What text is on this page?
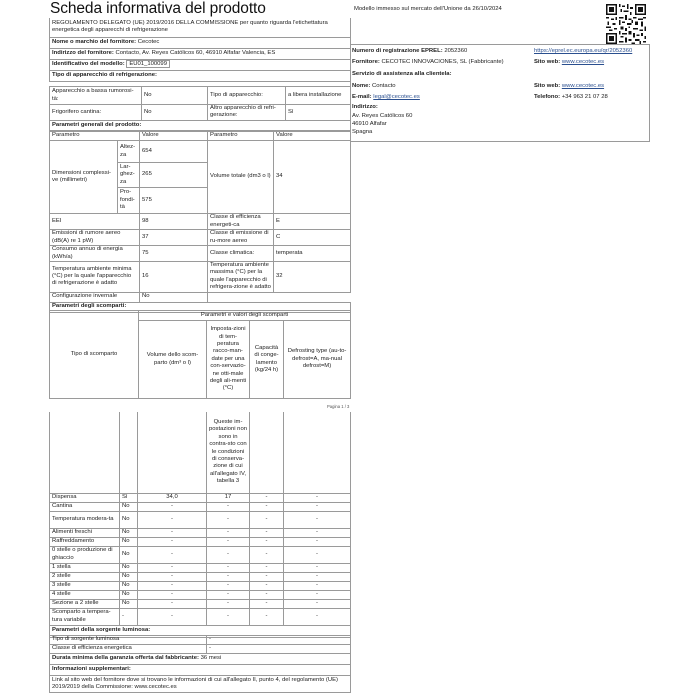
Scheda informativa del prodotto
REGOLAMENTO DELEGATO (UE) 2019/2016 DELLA COMMISSIONE per quanto riguarda l'etichettatura energetica degli apparecchi di refrigerazione
Nome o marchio del fornitore: Cecotec
Indirizzo del fornitore: Contacto, Av. Reyes Católicos 60, 46910 Alfafar Valencia, ES
Identificativo del modello: EU01_100099
Tipo di apparecchio di refrigerazione:
Apparecchio a bassa rumorosi-tà:	No	Tipo di apparecchio:	a libera installazione
Frigorifero cantina:	No	Altro apparecchio di refri-gerazione:	Sì
Parametri generali del prodotto:			
Parametro		Valore	Parametro	Valore
Dimensioni complessi-ve (millimetri)	Altez-za	654	Volume totale (dm3 o l)	34
	Lar-ghez-za	265		
	Pro-fondi-tà	575		
EEI		98	Classe di efficienza energeti-ca	E
Emissioni di rumore aereo (dB(A) re 1 pW)		37	Classe di emissione di ru-more aereo	C
Consumo annuo di energia (kWh/a)		75	Classe climatica:	temperata
Temperatura ambiente minima (°C) per la quale l'apparecchio di refrigerazione è adatto		16	Temperatura ambiente massima (°C) per la quale l'apparecchio di refrigera-zione è adatto	32
Configurazione invernale		No		
Parametri degli scomparti:				
Tipo di scomparto	Parametri e valori degli scomparti			
	Volume dello scom-parto (dm³ o l)	Imposta-zioni di tem-peratura racco-man-date per una con-servazio-ne otti-male degli ali-menti (°C)	Capacità di conge-lamento (kg/24 h)	Defrosting type (au-to-defrost=A, ma-nual defrost=M)
Pagina 1 / 3
			Queste im-postazioni non sono in contra-sto con le condizioni di conserva-zione di cui all'allegato IV, tabella 3		
Dispensa	Sì	34,0	17	-	-
Cantina	No	-	-	-	-
Temperatura modera-ta	No	-	-	-	-
Alimenti freschi	No	-	-	-	-
Raffreddamento	No	-	-	-	-
0 stelle o produzione di ghiaccio	No	-	-	-	-
1 stella	No	-	-	-	-
2 stelle	No	-	-	-	-
3 stelle	No	-	-	-	-
4 stelle	No	-	-	-	-
Sezione a 2 stelle	No	-	-	-	-
Scomparto a tempera-tura variabile	-	-	-	-	-
Parametri della sorgente luminosa:					
Tipo di sorgente luminosa	-
Classe di efficienza energetica	-
Durata minima della garanzia offerta dal fabbricante: 36 mesi	
Informazioni supplementari:	
Link al sito web del fornitore dove si trovano le informazioni di cui all'allegato II, punto 4, del regolamento (UE) 2019/2019 della Commissione: www.cecotec.es	
Modello immesso sul mercato dell'Unione da 26/10/2024
Numero di registrazione EPREL: 2052360	https://eprel.ec.europa.eu/qr/2052360
Fornitore: CECOTEC INNOVACIONES, SL (Fabbricante)	Sito web: www.cecotec.es
Servizio di assistenza alla clientela:	
Nome: Contacto	Sito web: www.cecotec.es
E-mail: legal@cecotec.es	Telefono: +34 963 21 07 28
Indirizzo:	
Av. Reyes Católicos 60	
46910 Alfafar	
Spagna	
